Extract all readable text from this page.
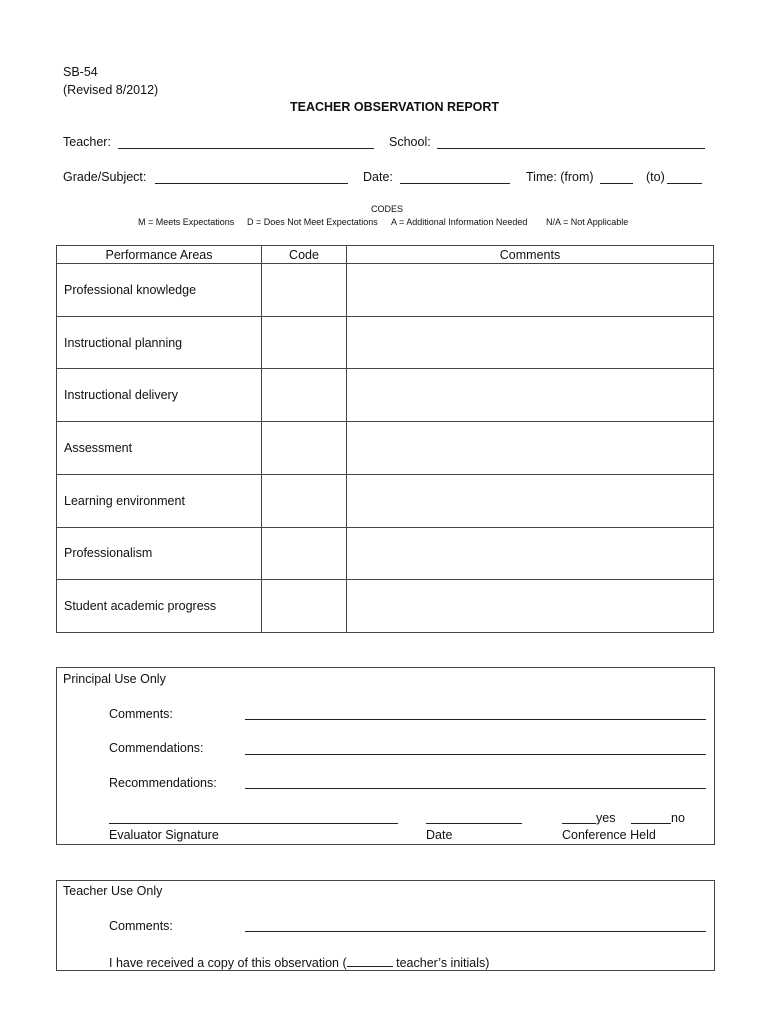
SB-54
(Revised 8/2012)
TEACHER OBSERVATION REPORT
Teacher:	School:
Grade/Subject:	Date:	Time: (from)	(to)
CODES
M = Meets Expectations D = Does Not Meet Expectations A = Additional Information Needed N/A = Not Applicable
Performance Areas	Code	Comments
Professional knowledge		
Instructional planning		
Instructional delivery		
Assessment		
Learning environment		
Professionalism		
Student academic progress		
Principal Use Only
Comments:
Commendations:
Recommendations:
yes	no
Evaluator Signature	Date	Conference Held
Teacher Use Only
Comments:
I have received a copy of this observation (	teacher’s initials)
